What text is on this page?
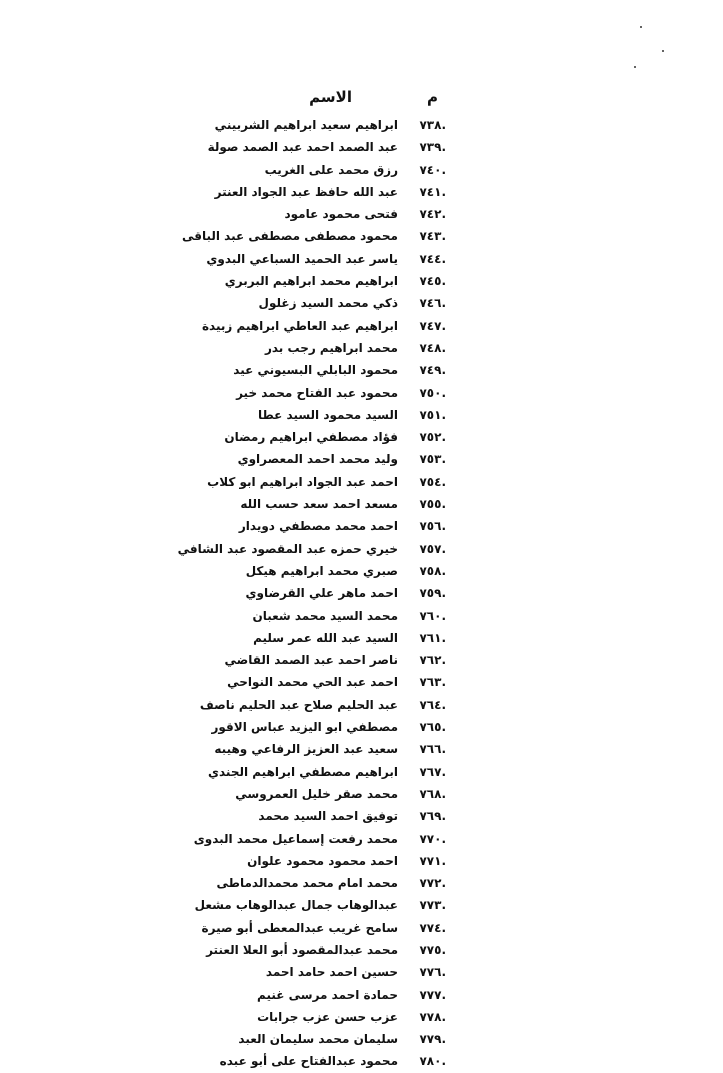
م
الاسم
.٧٣٨
ابراهيم سعيد ابراهيم الشربيني
.٧٣٩
عبد الصمد احمد عبد الصمد صولة
.٧٤٠
رزق محمد على الغريب
.٧٤١
عبد الله حافظ عبد الجواد العنتر
.٧٤٢
فتحى محمود عامود
.٧٤٣
محمود مصطفى مصطفى عبد الباقى
.٧٤٤
ياسر عبد الحميد السباعي البدوي
.٧٤٥
ابراهيم محمد ابراهيم البربري
.٧٤٦
ذكي محمد السيد زغلول
.٧٤٧
ابراهيم عبد العاطي ابراهيم زبيدة
.٧٤٨
محمد ابراهيم رجب بدر
.٧٤٩
محمود البابلي البسيوني عيد
.٧٥٠
محمود عبد الفتاح محمد خير
.٧٥١
السيد محمود السيد عطا
.٧٥٢
فؤاد مصطفي ابراهيم رمضان
.٧٥٣
وليد محمد احمد المعصراوي
.٧٥٤
احمد عبد الجواد ابراهيم ابو كلاب
.٧٥٥
مسعد احمد سعد حسب الله
.٧٥٦
احمد محمد مصطفي دويدار
.٧٥٧
خيري حمزه عبد المقصود عبد الشافي
.٧٥٨
صبري محمد ابراهيم هيكل
.٧٥٩
احمد ماهر علي القرضاوي
.٧٦٠
محمد السيد محمد شعبان
.٧٦١
السيد عبد الله عمر سليم
.٧٦٢
ناصر احمد عبد الصمد القاضي
.٧٦٣
احمد عبد الحي محمد النواحي
.٧٦٤
عبد الحليم صلاح عبد الحليم ناصف
.٧٦٥
مصطفي ابو اليزيد عباس الاقور
.٧٦٦
سعيد عبد العزيز الرفاعي وهيبه
.٧٦٧
ابراهيم مصطفي ابراهيم الجندي
.٧٦٨
محمد صقر خليل العمروسي
.٧٦٩
توفيق احمد السيد محمد
.٧٧٠
محمد رفعت إسماعيل محمد البدوى
.٧٧١
احمد محمود محمود علوان
.٧٧٢
محمد امام محمد محمدالدماطى
.٧٧٣
عبدالوهاب جمال عبدالوهاب مشعل
.٧٧٤
سامح غريب عبدالمعطى أبو صيرة
.٧٧٥
محمد عبدالمقصود أبو العلا العنتر
.٧٧٦
حسين احمد حامد احمد
.٧٧٧
حمادة احمد مرسى غنيم
.٧٧٨
عزب حسن عزب جرابات
.٧٧٩
سليمان محمد سليمان العبد
.٧٨٠
محمود عبدالفتاح على أبو عبده
